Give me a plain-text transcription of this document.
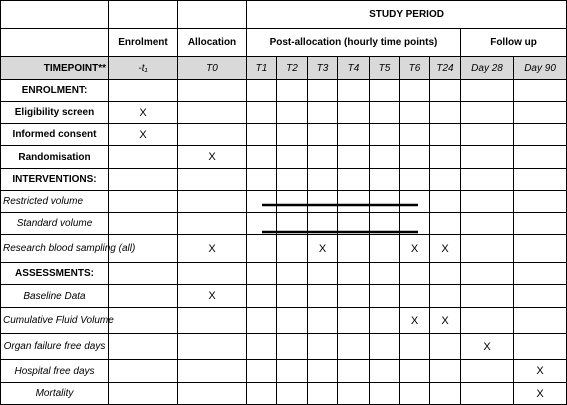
			STUDY PERIOD								
	Enrolment	Allocation	Post-allocation (hourly time points)							Follow up	
TIMEPOINT**	-t₁	T0	T1	T2	T3	T4	T5	T6	T24	Day 28	Day 90
ENROLMENT:											
Eligibility screen	X										
Informed consent	X										
Randomisation		X									
INTERVENTIONS:											
Restricted volume											
Standard volume											
Research blood sampling (all)		X			X			X	X		
ASSESSMENTS:											
Baseline Data		X									
Cumulative Fluid Volume								X	X		
Organ failure free days										X	
Hospital free days											X
Mortality											X
